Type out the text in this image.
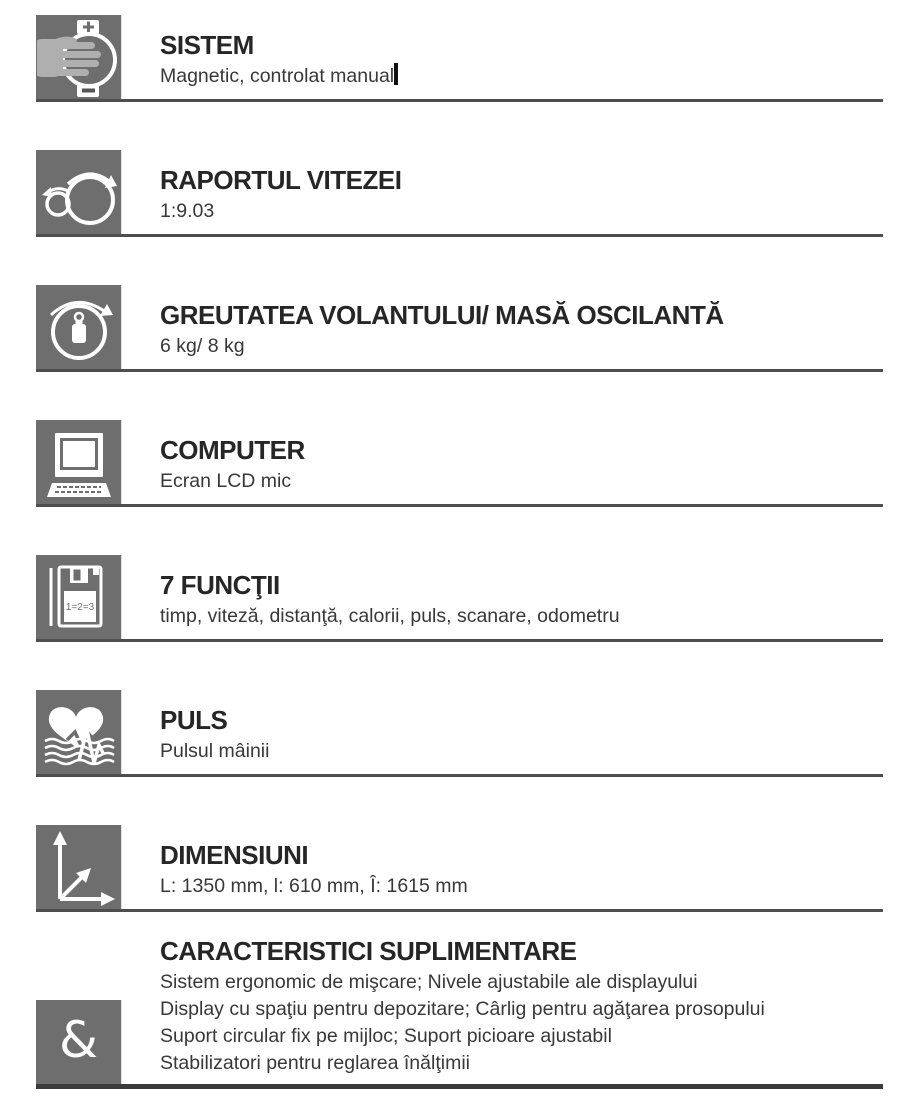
SISTEM
Magnetic, controlat manual
RAPORTUL VITEZEI
1:9.03
GREUTATEA VOLANTULUI/ MASĂ OSCILANTĂ
6 kg/ 8 kg
COMPUTER
Ecran LCD mic
1=2=3
7 FUNCŢII
timp, viteză, distanţă, calorii, puls, scanare, odometru
PULS
Pulsul mâinii
DIMENSIUNI
L: 1350 mm, l: 610 mm, Î: 1615 mm
&
CARACTERISTICI SUPLIMENTARE
Sistem ergonomic de mişcare; Nivele ajustabile ale displayului
Display cu spaţiu pentru depozitare; Cârlig pentru agăţarea prosopului
Suport circular fix pe mijloc; Suport picioare ajustabil
Stabilizatori pentru reglarea înălţimii
